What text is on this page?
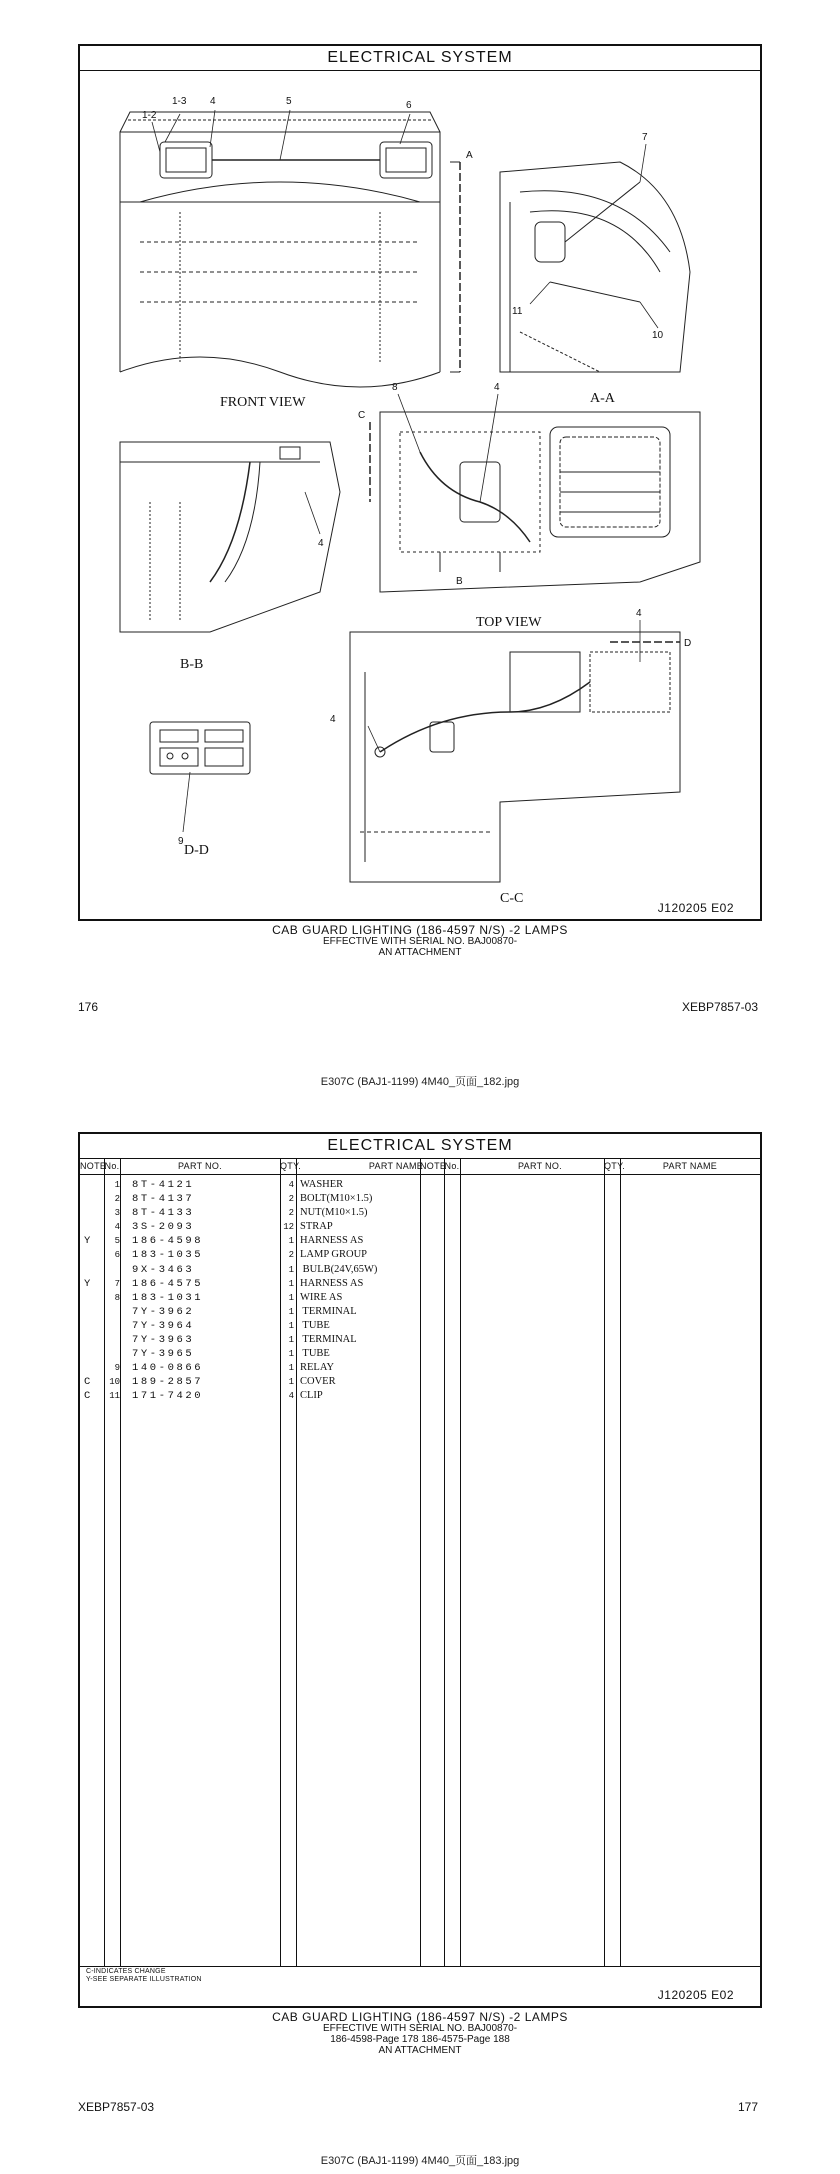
ELECTRICAL SYSTEM
FRONT VIEW	A-A
B-B
TOP VIEW
D-D
C-C
1-3
1-2
4	5	6
7
11
10
8	4
4
4
4
9
A
B
C
D
J120205 E02
CAB GUARD LIGHTING (186-4597 N/S) -2 LAMPS
EFFECTIVE WITH SERIAL NO. BAJ00870-
AN ATTACHMENT
176	XEBP7857-03
E307C (BAJ1-1199) 4M40_页面_182.jpg
ELECTRICAL SYSTEM
NOTE
No.	PART NO.	QTY.	PART NAME
NOTE
No.	PART NO.	QTY.	PART NAME
1 8T-4121	4 WASHER
2 8T-4137	2 BOLT(M10×1.5)
3 8T-4133	2 NUT(M10×1.5)
4 3S-2093	12 STRAP
Y	5 186-4598	1 HARNESS AS
6 183-1035	2 LAMP GROUP
9X-3463	1 BULB(24V,65W)
Y	7 186-4575	1 HARNESS AS
8 183-1031	1 WIRE AS
7Y-3962	1 TERMINAL
7Y-3964	1 TUBE
7Y-3963	1 TERMINAL
7Y-3965	1 TUBE
9 140-0866	1 RELAY
C	10 189-2857	1 COVER
C	11 171-7420	4 CLIP
C-INDICATES CHANGE
Y-SEE SEPARATE ILLUSTRATION
J120205 E02
CAB GUARD LIGHTING (186-4597 N/S) -2 LAMPS
EFFECTIVE WITH SERIAL NO. BAJ00870-
186-4598-Page 178 186-4575-Page 188
AN ATTACHMENT
XEBP7857-03	177
E307C (BAJ1-1199) 4M40_页面_183.jpg
